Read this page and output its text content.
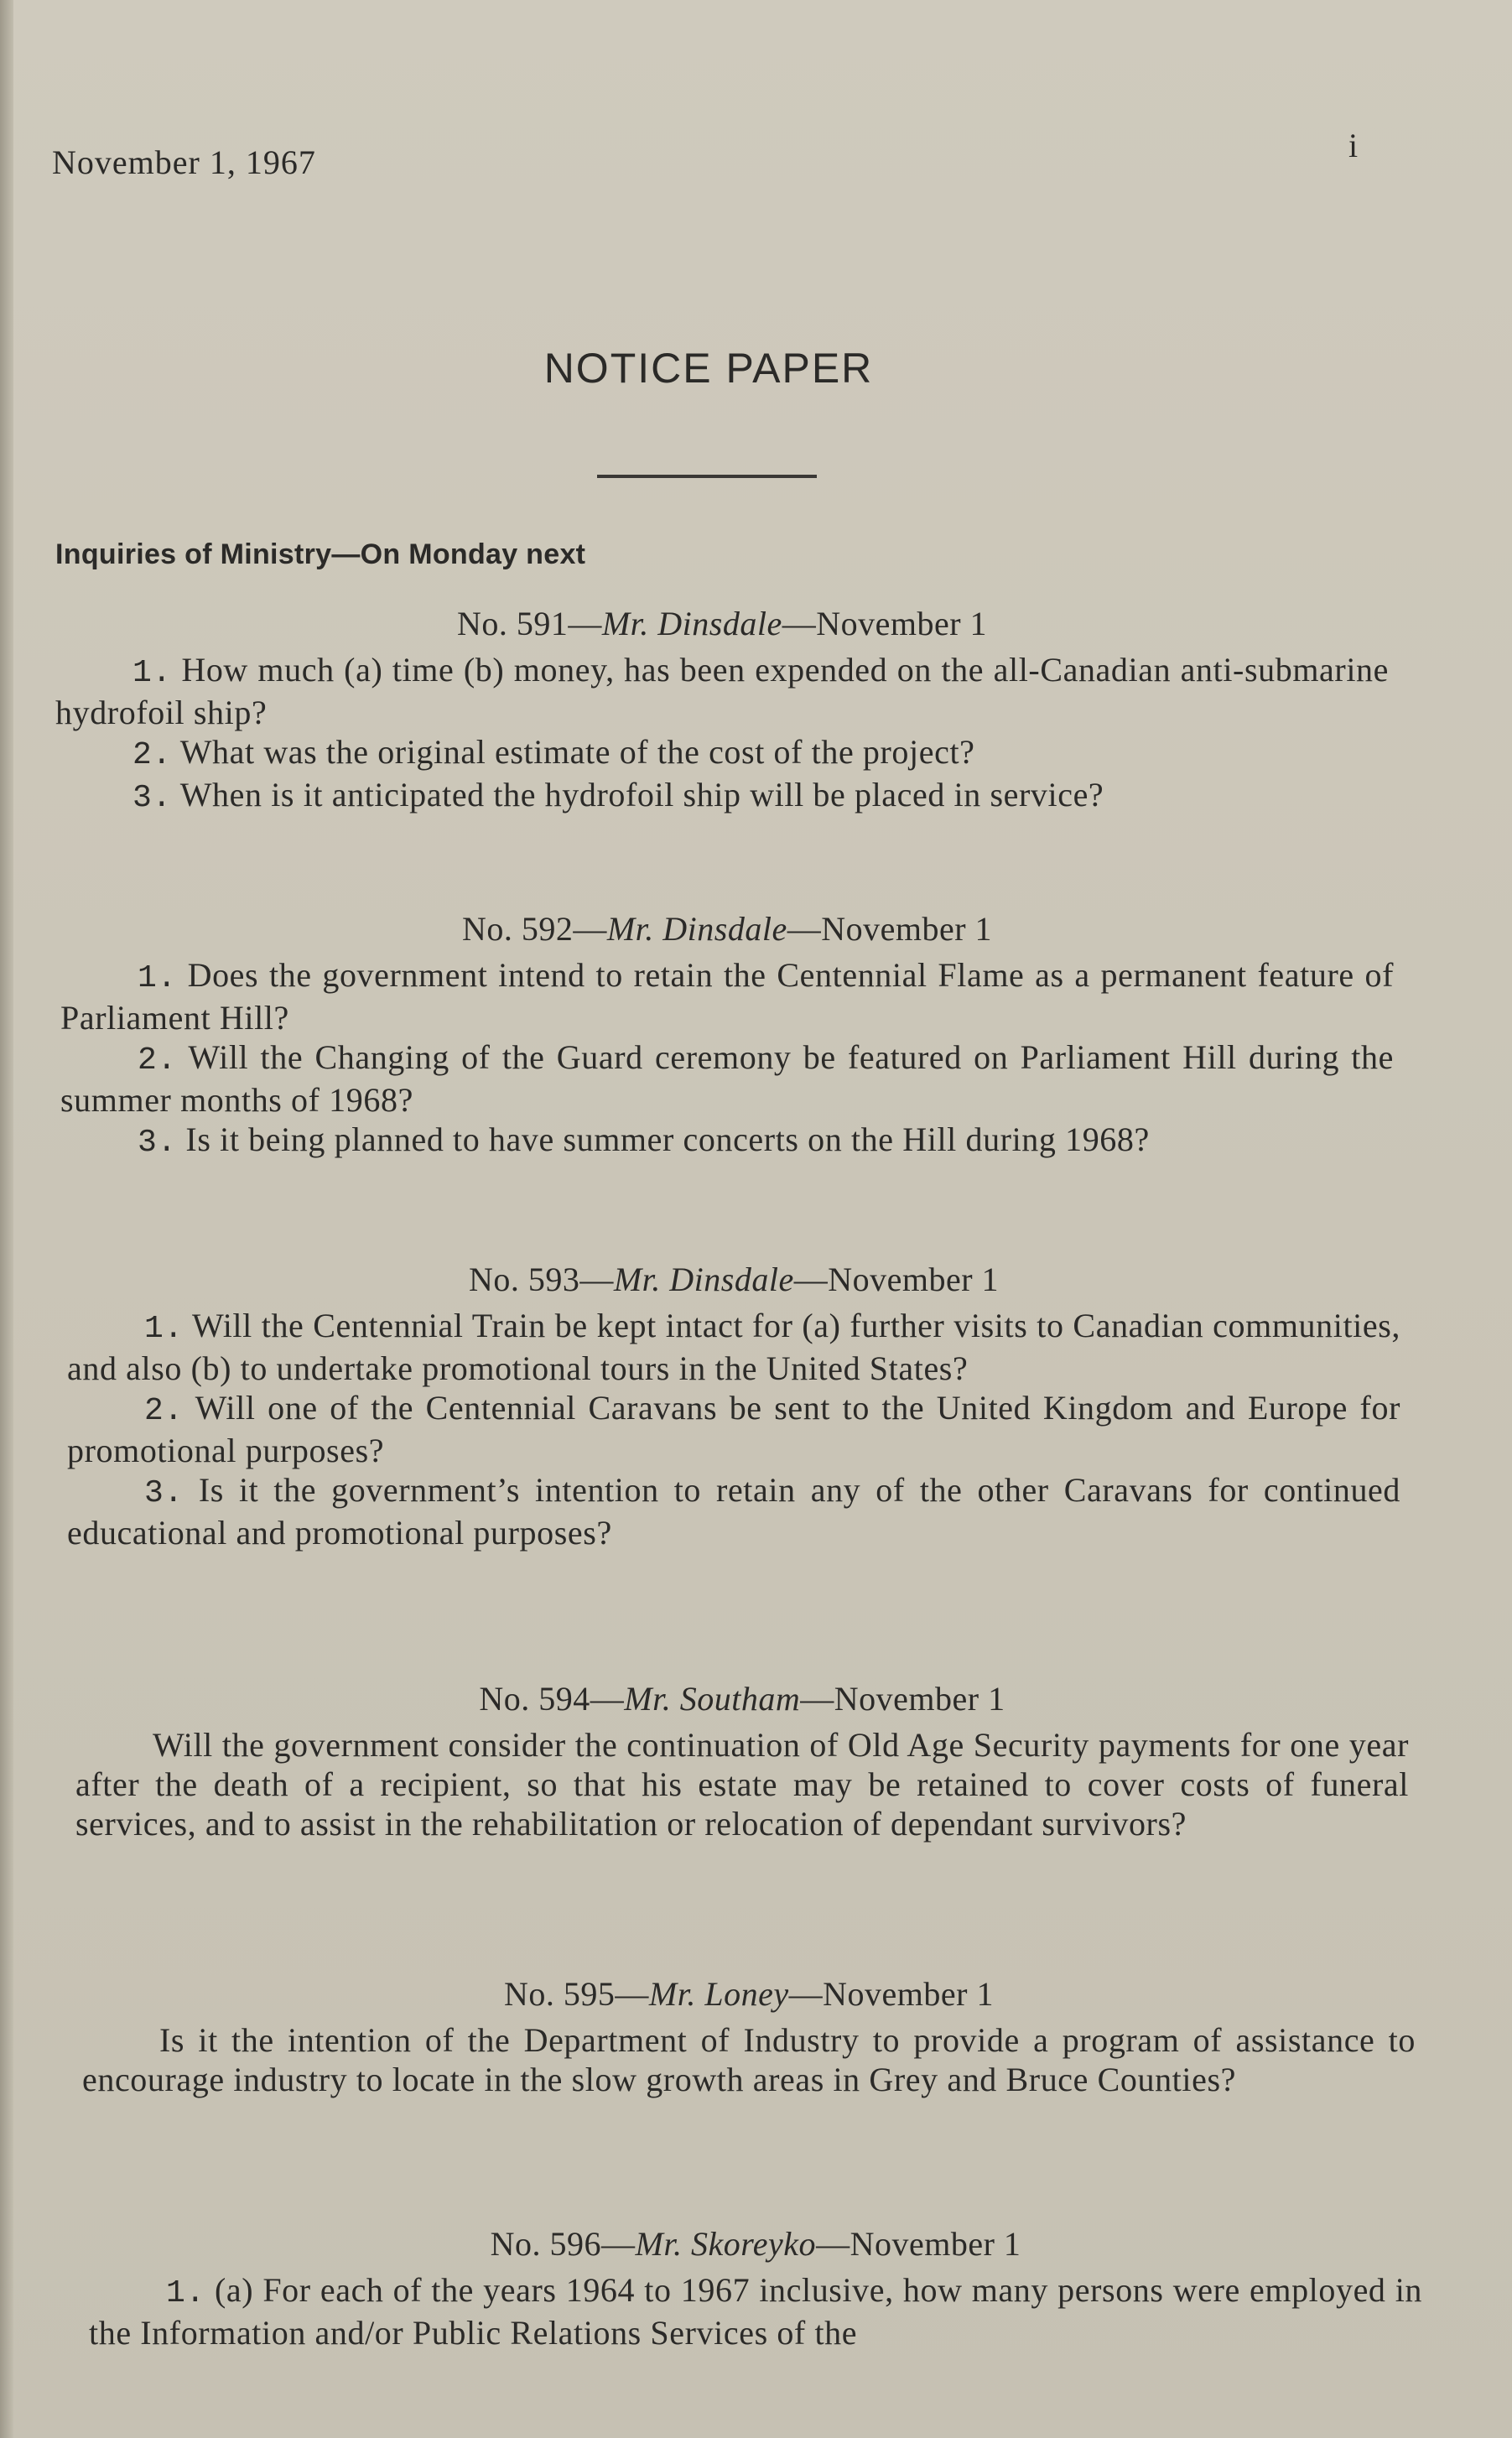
November 1, 1967	i
NOTICE PAPER
Inquiries of Ministry—On Monday next
No. 591—Mr. Dinsdale—November 1

1. How much (a) time (b) money, has been expended on the all-Canadian anti-submarine hydrofoil ship?

2. What was the original estimate of the cost of the project?

3. When is it anticipated the hydrofoil ship will be placed in service?

No. 592—Mr. Dinsdale—November 1

1. Does the government intend to retain the Centennial Flame as a permanent feature of Parliament Hill?

2. Will the Changing of the Guard ceremony be featured on Parliament Hill during the summer months of 1968?

3. Is it being planned to have summer concerts on the Hill during 1968?

No. 593—Mr. Dinsdale—November 1

1. Will the Centennial Train be kept intact for (a) further visits to Canadian communities, and also (b) to undertake promotional tours in the United States?

2. Will one of the Centennial Caravans be sent to the United Kingdom and Europe for promotional purposes?

3. Is it the government’s intention to retain any of the other Caravans for continued educational and promotional purposes?

No. 594—Mr. Southam—November 1

Will the government consider the continuation of Old Age Security payments for one year after the death of a recipient, so that his estate may be retained to cover costs of funeral services, and to assist in the rehabilitation or relocation of dependant survivors?

No. 595—Mr. Loney—November 1

Is it the intention of the Department of Industry to provide a program of assistance to encourage industry to locate in the slow growth areas in Grey and Bruce Counties?

No. 596—Mr. Skoreyko—November 1

1. (a) For each of the years 1964 to 1967 inclusive, how many persons were employed in the Information and/or Public Relations Services of the
